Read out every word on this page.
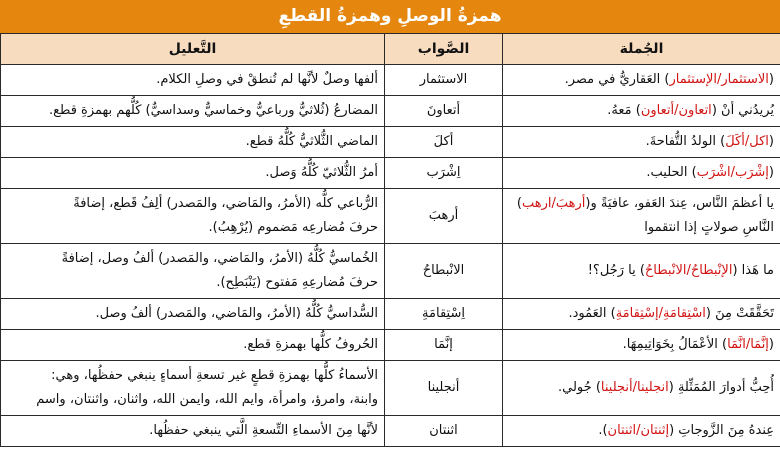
همزةُ الوصلِ وهمزةُ القطعِ
الجُملة	الصَّواب	التَّعليل
(الاستثمار/الإستثمار) العَقاريُّ في مصر.	الاستثمار	ألفها وصلٌ لأنَّها لم تُنطقْ في وصلِ الكلام.

يُريدُني أنْ (اتعاون/أتعاون) مَعهُ.	أتعاونَ	المضارعُ (ثُلاثيٌّ ورباعيٌّ وخماسيٌّ وسداسيٌّ) كُلُّهم بهمزةِ قطع.

(اكل/أكَلَ) الولدُ التُّفاحةَ.	أكلَ	الماضي الثُّلاثيُّ كُلُّهُ قطع.

(إشْرَب/اشْرَب) الحليب.	اِشْرَب	أمرُ الثُّلاثيّ كُلُّهُ وَصل.

يا أعظمَ النَّاس، عِندَ العَفو، عافيَةً و(أرهبَ/ارهب) النَّاسِ صولاتٍ إذا انتقموا	أرهبَ	الرُّباعي كلُّه (الأمرُ، والمَاضي، والمَصدر) ألِفُ قَطع، إضافةً
حرفَ مُضارعِه مَضموم (يُرْهِبُ).

ما هَذا (الإنْبطاحُ/الانْبطاحُ) يا رَجُل؟!	الانْبطاحُ	الخُماسيُّ كُلُّهُ (الأمرُ، والمَاضي، والمَصدر) ألفُ وصل، إضافةً
حرفَ مُضارعِهِ مَفتوح (يَنْبَطِح).

تَحَقَّقَتْ مِنَ (اسْتِقامَةِ/إسْتِقامَةِ) العَمُود.	اِسْتِقامَةِ	السُّداسيُّ كُلُّهُ (الأمرُ، والمَاضي، والمَصدر) ألفُ وصل.

(إنَّمَا/انَّمَا) الأعْمَالُ بِخَوَاتِيمِهَا.	إنَّمَا	الحُروفُ كلُّها بهمزةِ قطع.

أُحِبُّ أدوارَ المُمَثِّلةِ (انجلينا/أنجلينا) جُولي.	أنجلينا	الأسماءُ كلُّها بهمزةِ قطعٍ غير تسعةِ أسماءٍ ينبغي حفظُها، وهي:
وابنة، وامرؤ، وامرأة، وايم الله، وايمن الله، واثنان، واثنتان، واسم

عِندهُ مِنَ الزَّوجاتِ (إثنتان/اثنتان).	اثنتان	لأنَّها مِنَ الأسماءِ التِّسعةِ الَّتي ينبغي حفظُها.
